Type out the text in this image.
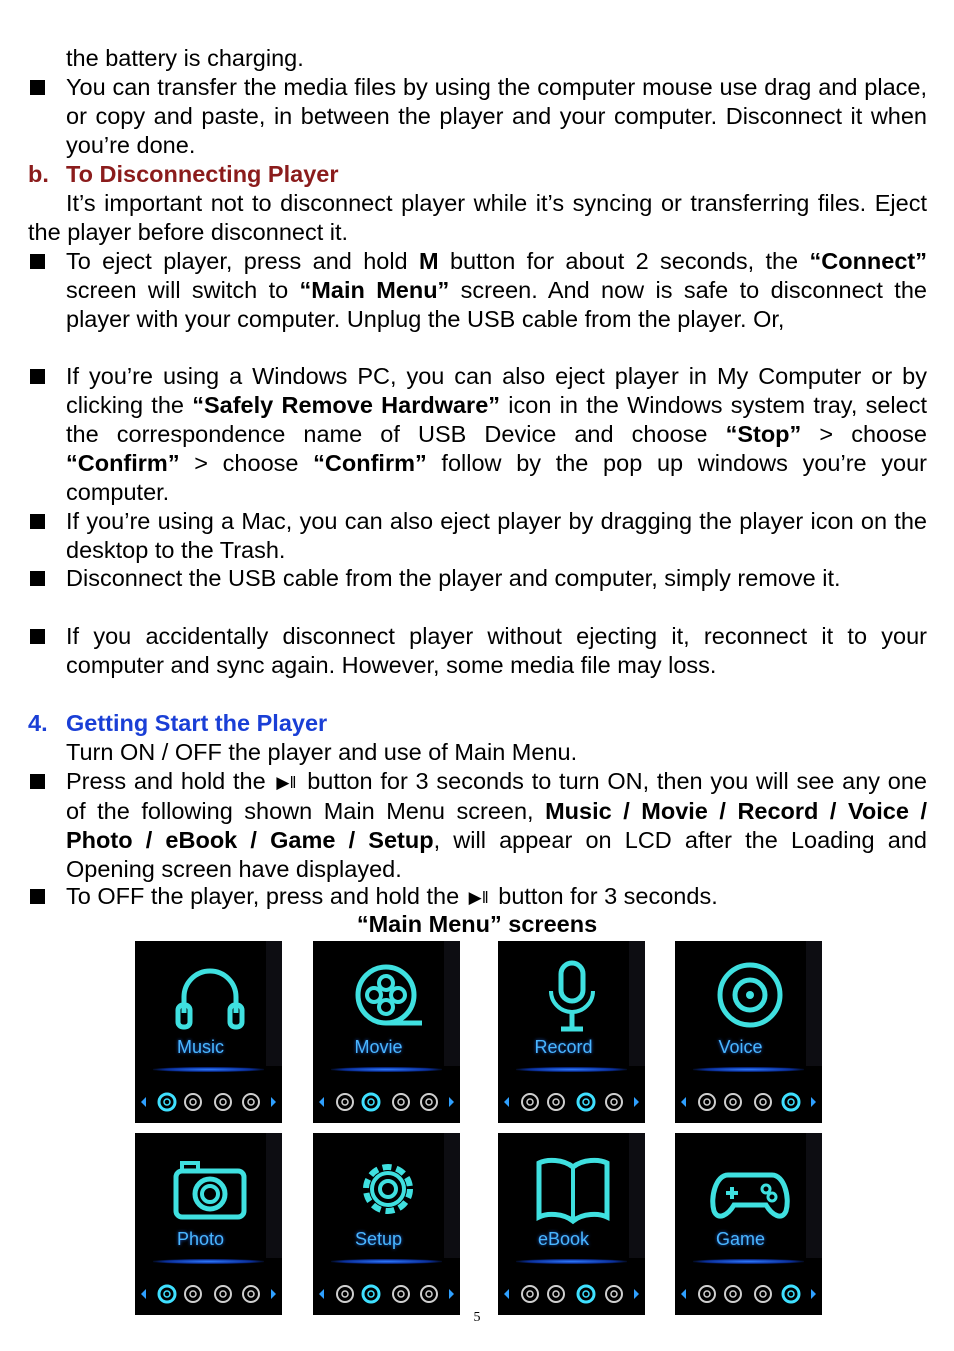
the battery is charging.

You can transfer the media files by using the computer mouse use drag and place, or copy and paste, in between the player and your computer. Disconnect it when you’re done.

b. To Disconnecting Player

It’s important not to disconnect player while it’s syncing or transferring files. Eject the player before disconnect it.

To eject player, press and hold M button for about 2 seconds, the “Connect” screen will switch to “Main Menu” screen. And now is safe to disconnect the player with your computer. Unplug the USB cable from the player. Or,

If you’re using a Windows PC, you can also eject player in My Computer or by clicking the “Safely Remove Hardware” icon in the Windows system tray, select the correspondence name of USB Device and choose “Stop” > choose “Confirm” > choose “Confirm” follow by the pop up windows you’re your computer.

If you’re using a Mac, you can also eject player by dragging the player icon on the desktop to the Trash.

Disconnect the USB cable from the player and computer, simply remove it.

If you accidentally disconnect player without ejecting it, reconnect it to your computer and sync again. However, some media file may loss.

4. Getting Start the Player

Turn ON / OFF the player and use of Main Menu.

Press and hold the ▶‖ button for 3 seconds to turn ON, then you will see any one of the following shown Main Menu screen, Music / Movie / Record / Voice / Photo / eBook / Game / Setup, will appear on LCD after the Loading and Opening screen have displayed.

To OFF the player, press and hold the ▶‖ button for 3 seconds.

“Main Menu” screens
Music	Movie	Record	Voice
Photo	Setup	eBook	Game
5
